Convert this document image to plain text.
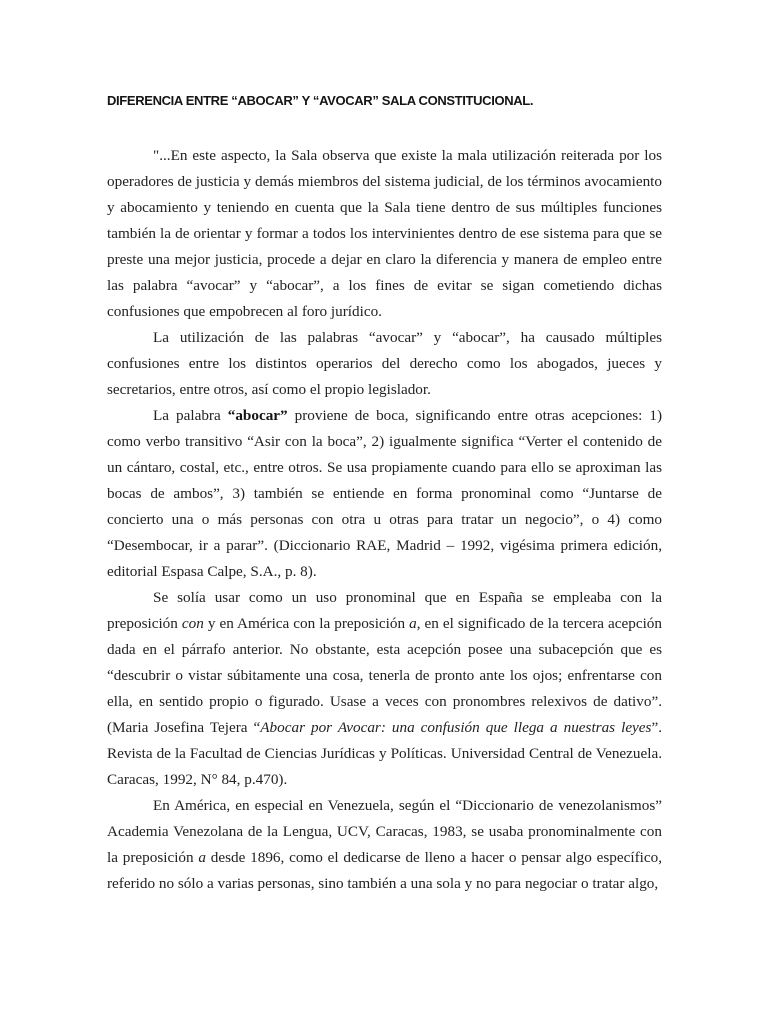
DIFERENCIA ENTRE “ABOCAR” Y “AVOCAR” SALA CONSTITUCIONAL.

"...En este aspecto, la Sala observa que existe la mala utilización reiterada por los operadores de justicia y demás miembros del sistema judicial, de los términos avocamiento y abocamiento y teniendo en cuenta que la Sala tiene dentro de sus múltiples funciones también la de orientar y formar a todos los intervinientes dentro de ese sistema para que se preste una mejor justicia, procede a dejar en claro la diferencia y manera de empleo entre las palabra “avocar” y “abocar”, a los fines de evitar se sigan cometiendo dichas confusiones que empobrecen al foro jurídico.

La utilización de las palabras “avocar” y “abocar”, ha causado múltiples confusiones entre los distintos operarios del derecho como los abogados, jueces y secretarios, entre otros, así como el propio legislador.

La palabra “abocar” proviene de boca, significando entre otras acepciones: 1) como verbo transitivo “Asir con la boca”, 2) igualmente significa “Verter el contenido de un cántaro, costal, etc., entre otros. Se usa propiamente cuando para ello se aproximan las bocas de ambos”, 3) también se entiende en forma pronominal como “Juntarse de concierto una o más personas con otra u otras para tratar un negocio”, o 4) como “Desembocar, ir a parar”. (Diccionario RAE, Madrid – 1992, vigésima primera edición, editorial Espasa Calpe, S.A., p. 8).

Se solía usar como un uso pronominal que en España se empleaba con la preposición con y en América con la preposición a, en el significado de la tercera acepción dada en el párrafo anterior. No obstante, esta acepción posee una subacepción que es “descubrir o vistar súbitamente una cosa, tenerla de pronto ante los ojos; enfrentarse con ella, en sentido propio o figurado. Usase a veces con pronombres relexivos de dativo”. (Maria Josefina Tejera “Abocar por Avocar: una confusión que llega a nuestras leyes”. Revista de la Facultad de Ciencias Jurídicas y Políticas. Universidad Central de Venezuela. Caracas, 1992, N° 84, p.470).

En América, en especial en Venezuela, según el “Diccionario de venezolanismos” Academia Venezolana de la Lengua, UCV, Caracas, 1983, se usaba pronominalmente con la preposición a desde 1896, como el dedicarse de lleno a hacer o pensar algo específico, referido no sólo a varias personas, sino también a una sola y no para negociar o tratar algo,
